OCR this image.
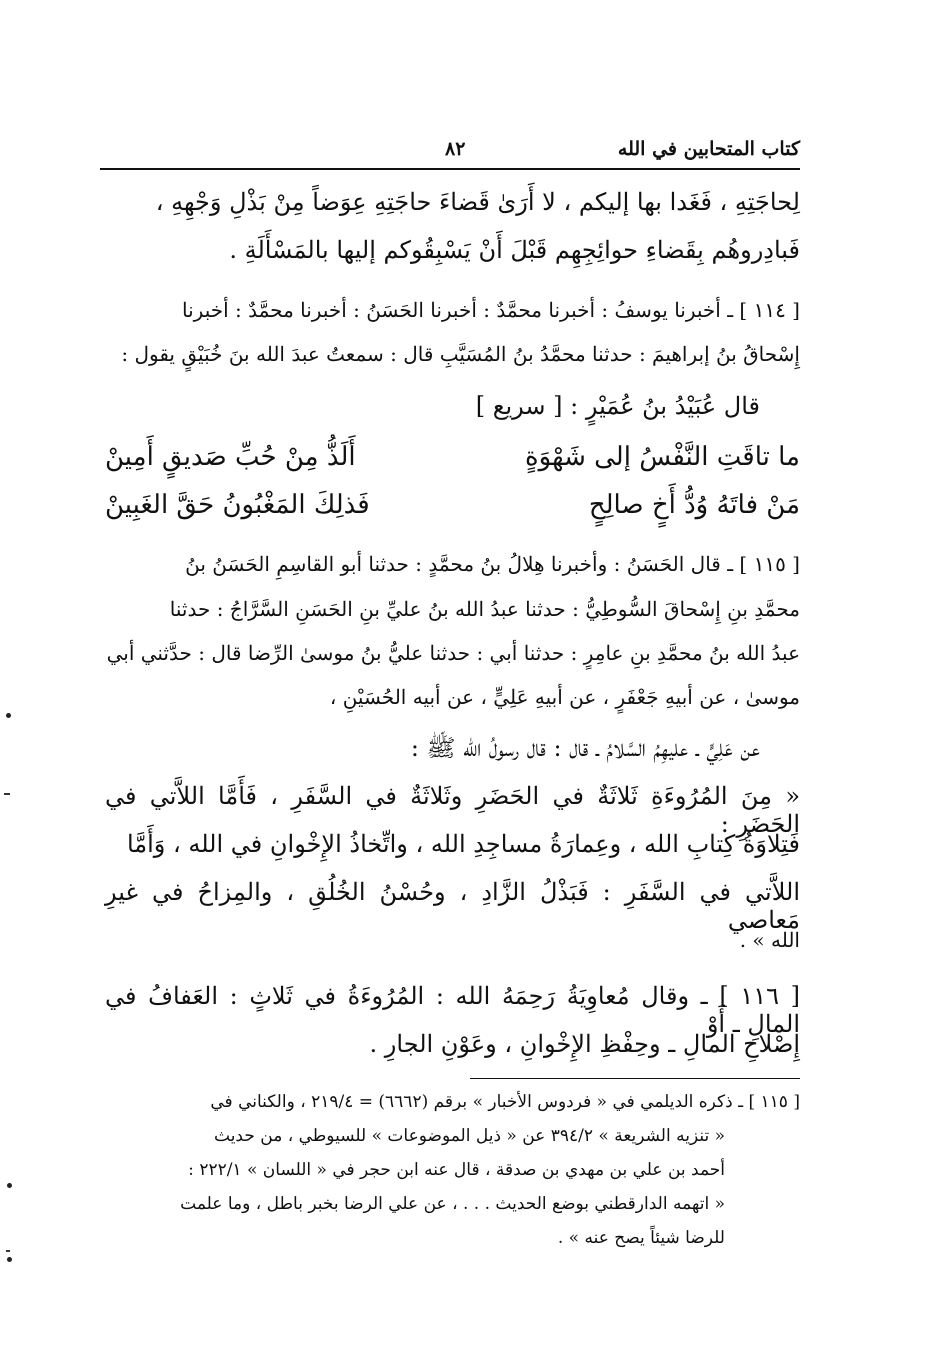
كتاب المتحابين في الله
٨٢
لِحاجَتِهِ ، فَغَدا بها إليكم ، لا أَرَىٰ قَضاءَ حاجَتِهِ عِوَضاً مِنْ بَذْلِ وَجْهِهِ ،
فَبادِروهُم بِقَضاءِ حوائِجِهِم قَبْلَ أَنْ يَسْبِقُوكم إليها بالمَسْأَلَةِ .
[ ١١٤ ] ـ أخبرنا يوسفُ : أخبرنا محمَّدٌ : أخبرنا الحَسَنُ : أخبرنا محمَّدٌ : أخبرنا
إِسْحاقُ بنُ إبراهيمَ : حدثنا محمَّدُ بنُ المُسَيَّبِ قال : سمعتُ عبدَ الله بنَ خُبَيْقٍ يقول :
قال عُبَيْدُ بنُ عُمَيْرٍ : [ سريع ]
ما تاقَتِ النَّفْسُ إلى شَهْوَةٍ
أَلَذُّ مِنْ حُبِّ صَديقٍ أَمِينْ
مَنْ فاتَهُ وُدُّ أَخٍ صالِحٍ
فَذلِكَ المَغْبُونُ حَقَّ الغَبِينْ
[ ١١٥ ] ـ قال الحَسَنُ : وأخبرنا هِلالُ بنُ محمَّدٍ : حدثنا أبو القاسِمِ الحَسَنُ بنُ
محمَّدِ بنِ إِسْحاقَ السُّوطِيُّ : حدثنا عبدُ الله بنُ عليِّ بنِ الحَسَنِ السَّرَّاجُ : حدثنا
عبدُ الله بنُ محمَّدِ بنِ عامِرٍ : حدثنا أبي : حدثنا عليُّ بنُ موسىٰ الرِّضا قال : حدَّثني أبي
موسىٰ ، عن أبيهِ جَعْفَرٍ ، عن أبيهِ عَلِيٍّ ، عن أبيه الحُسَيْنِ ،
عن عَلِيٍّ ـ عليهِمُ السَّلامُ ـ قال : قال رسولُ الله ﷺ :
« مِنَ المُرُوءَةِ ثَلاثَةٌ في الحَضَرِ وثَلاثَةٌ في السَّفَرِ ، فَأَمَّا اللاَّتي في الحَضَرِ :
فَتِلاوَةُ كِتابِ الله ، وعِمارَةُ مساجِدِ الله ، واتِّخاذُ الإِخْوانِ في الله ، وَأَمَّا
اللاَّتي في السَّفَرِ : فَبَذْلُ الزَّادِ ، وحُسْنُ الخُلُقِ ، والمِزاحُ في غيرِ مَعاصي
الله » .
[ ١١٦ ] ـ وقال مُعاوِيَةُ رَحِمَهُ الله : المُرُوءَةُ في ثَلاثٍ : العَفافُ في المالِ ـ أَوْ
إِصْلاحِ المالِ ـ وحِفْظِ الإِخْوانِ ، وعَوْنِ الجارِ .
[ ١١٥ ] ـ ذكره الديلمي في « فردوس الأخبار » برقم (٦٦٦٢) = ٢١٩/٤ ، والكناني في
« تنزيه الشريعة » ٣٩٤/٢ عن « ذيل الموضوعات » للسيوطي ، من حديث
أحمد بن علي بن مهدي بن صدقة ، قال عنه ابن حجر في « اللسان » ٢٢٢/١ :
« اتهمه الدارقطني بوضع الحديث . . . ، عن علي الرضا بخبر باطل ، وما علمت
للرضا شيئاً يصح عنه » .
